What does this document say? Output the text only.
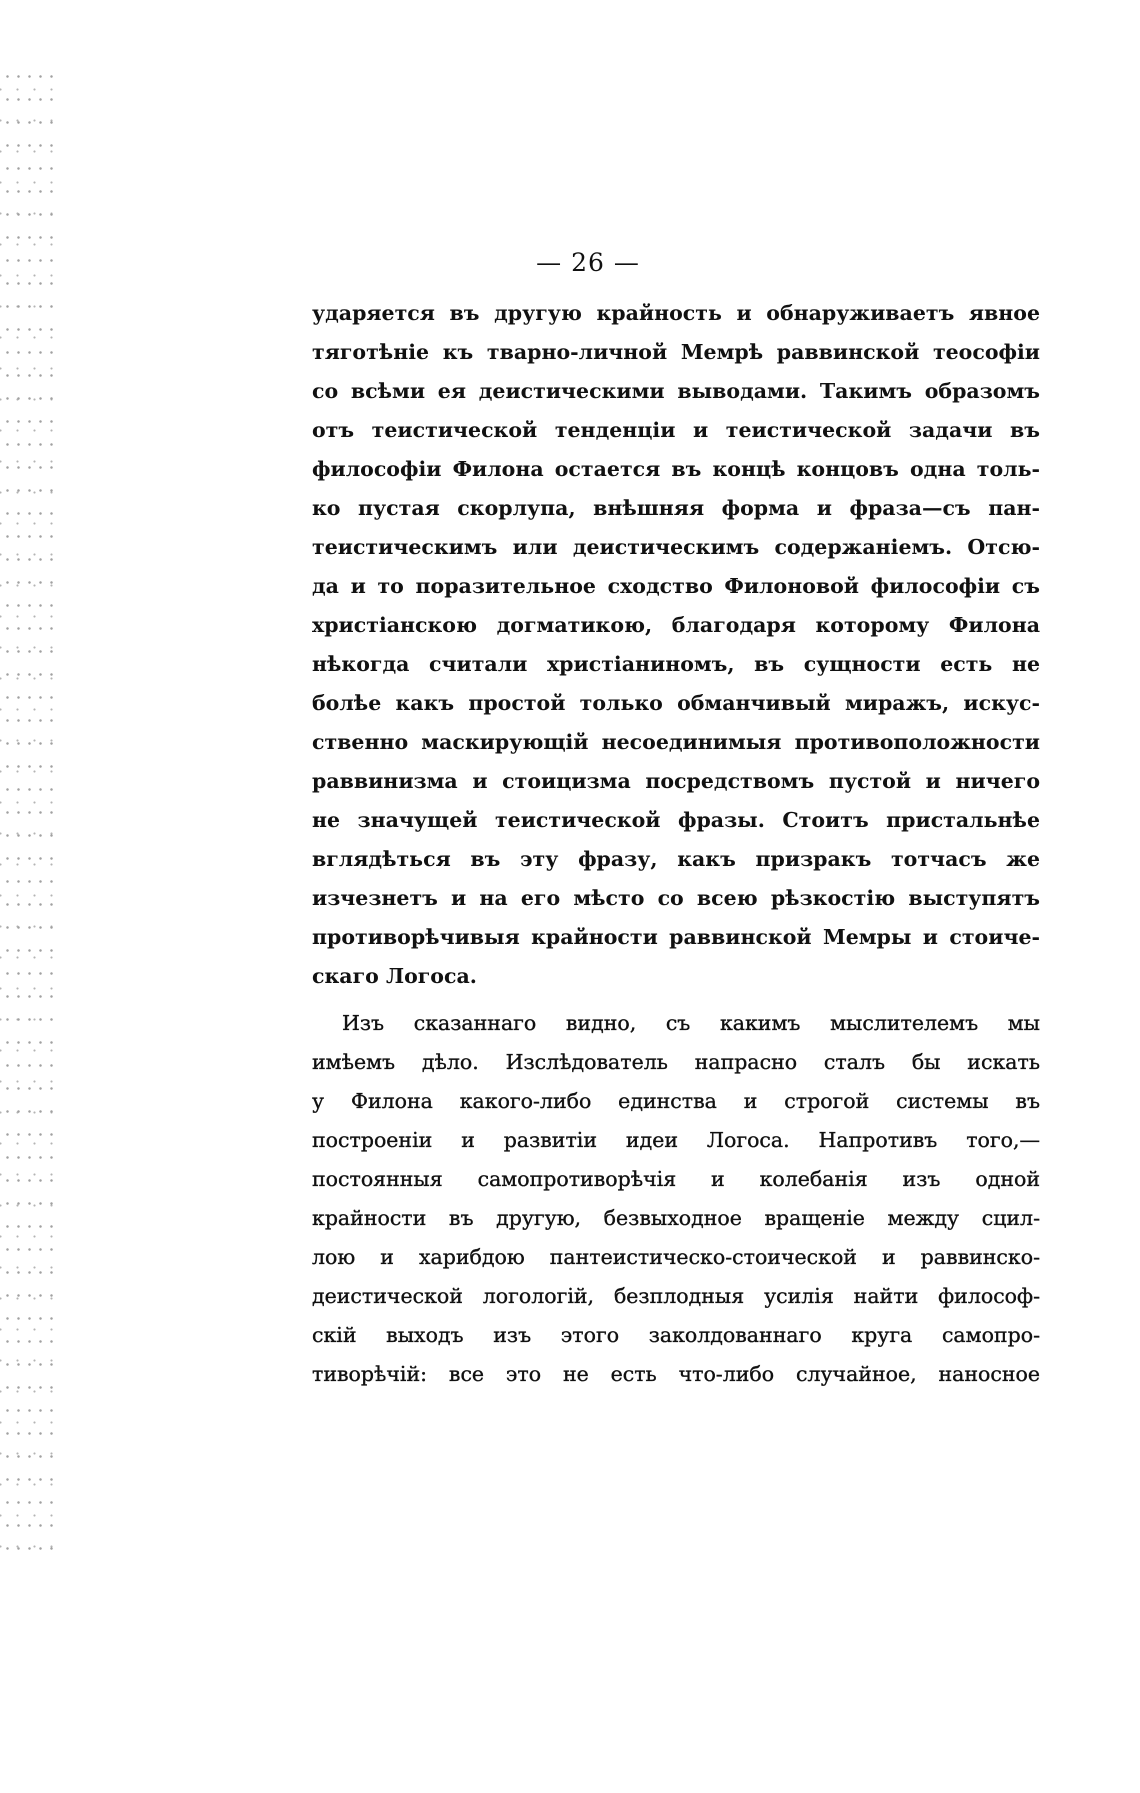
— 26 —
ударяется въ другую крайность и обнаруживаетъ явное
тяготѣніе къ тварно-личной Мемрѣ раввинской теософіи
со всѣми ея деистическими выводами. Такимъ образомъ
отъ теистической тенденціи и теистической задачи въ
философіи Филона остается въ концѣ концовъ одна толь-
ко пустая скорлупа, внѣшняя форма и фраза—съ пан-
теистическимъ или деистическимъ содержаніемъ. Отсю-
да и то поразительное сходство Филоновой философіи съ
христіанскою догматикою, благодаря которому Филона
нѣкогда считали христіаниномъ, въ сущности есть не
болѣе какъ простой только обманчивый миражъ, искус-
ственно маскирующій несоединимыя противоположности
раввинизма и стоицизма посредствомъ пустой и ничего
не значущей теистической фразы. Стоитъ пристальнѣе
вглядѣться въ эту фразу, какъ призракъ тотчасъ же
изчезнетъ и на его мѣсто со всею рѣзкостію выступятъ
противорѣчивыя крайности раввинской Мемры и стоиче-
скаго Логоса.
Изъ сказаннаго видно, съ какимъ мыслителемъ мы
имѣемъ дѣло. Изслѣдователь напрасно сталъ бы искать
у Филона какого-либо единства и строгой системы въ
построеніи и развитіи идеи Логоса. Напротивъ того,—
постоянныя самопротиворѣчія и колебанія изъ одной
крайности въ другую, безвыходное вращеніе между сцил-
лою и харибдою пантеистическо-стоической и раввинско-
деистической логологій, безплодныя усилія найти философ-
скій выходъ изъ этого заколдованнаго круга самопро-
тиворѣчій: все это не есть что-либо случайное, наносное
